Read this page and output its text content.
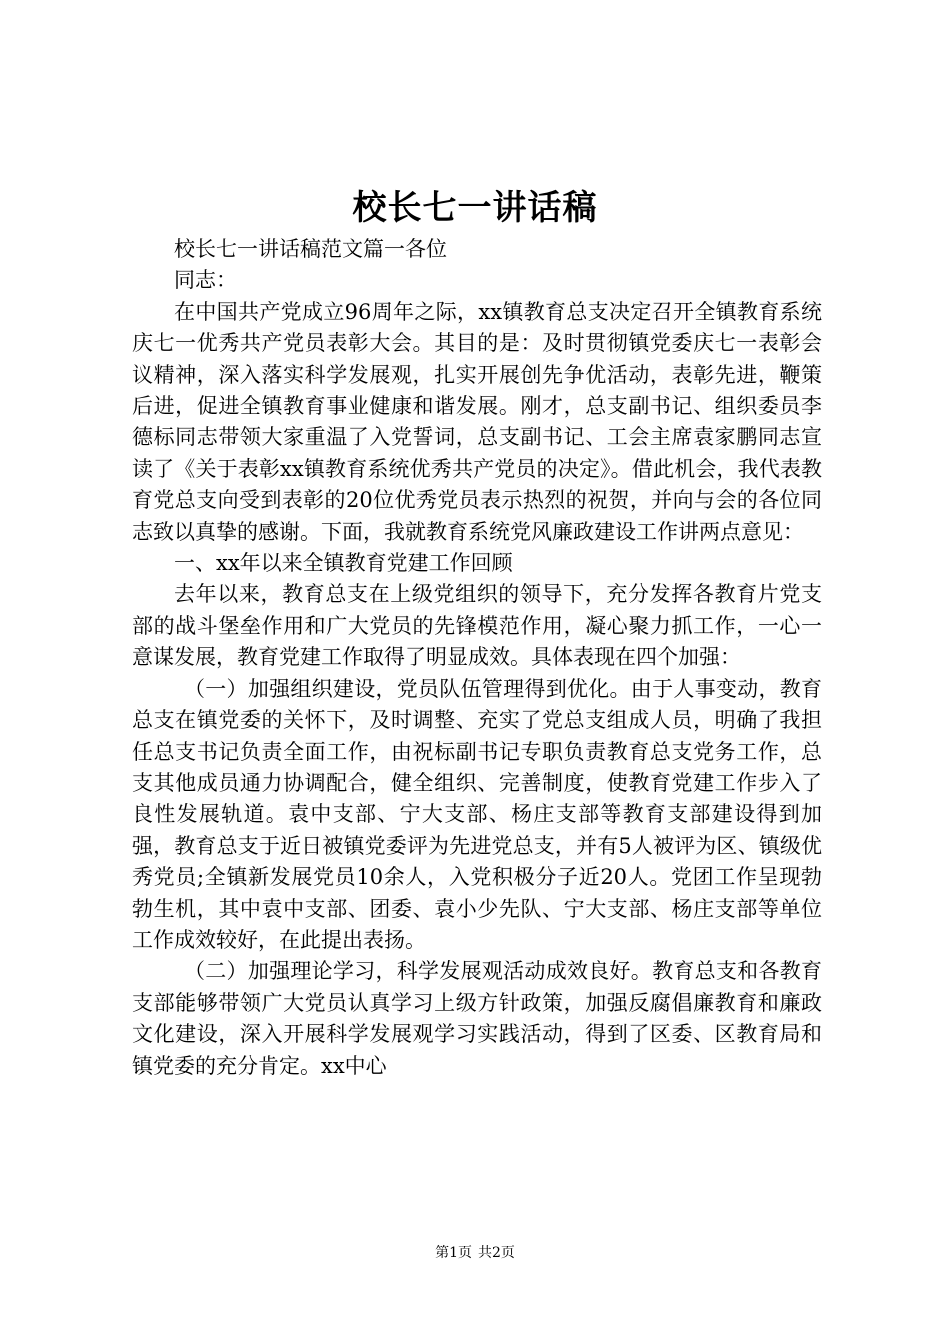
校长七一讲话稿

校长七一讲话稿范文篇一各位

同志：

在中国共产党成立96周年之际，xx镇教育总支决定召开全镇教育系统庆七一优秀共产党员表彰大会。其目的是：及时贯彻镇党委庆七一表彰会议精神，深入落实科学发展观，扎实开展创先争优活动，表彰先进，鞭策后进，促进全镇教育事业健康和谐发展。刚才，总支副书记、组织委员李德标同志带领大家重温了入党誓词，总支副书记、工会主席袁家鹏同志宣读了《关于表彰xx镇教育系统优秀共产党员的决定》。借此机会，我代表教育党总支向受到表彰的20位优秀党员表示热烈的祝贺，并向与会的各位同志致以真挚的感谢。下面，我就教育系统党风廉政建设工作讲两点意见：

一、xx年以来全镇教育党建工作回顾

去年以来，教育总支在上级党组织的领导下，充分发挥各教育片党支部的战斗堡垒作用和广大党员的先锋模范作用，凝心聚力抓工作，一心一意谋发展，教育党建工作取得了明显成效。具体表现在四个加强：

（一）加强组织建设，党员队伍管理得到优化。由于人事变动，教育总支在镇党委的关怀下，及时调整、充实了党总支组成人员，明确了我担任总支书记负责全面工作，由祝标副书记专职负责教育总支党务工作，总支其他成员通力协调配合，健全组织、完善制度，使教育党建工作步入了良性发展轨道。袁中支部、宁大支部、杨庄支部等教育支部建设得到加强，教育总支于近日被镇党委评为先进党总支，并有5人被评为区、镇级优秀党员;全镇新发展党员10余人，入党积极分子近20人。党团工作呈现勃勃生机，其中袁中支部、团委、袁小少先队、宁大支部、杨庄支部等单位工作成效较好，在此提出表扬。

（二）加强理论学习，科学发展观活动成效良好。教育总支和各教育支部能够带领广大党员认真学习上级方针政策，加强反腐倡廉教育和廉政文化建设，深入开展科学发展观学习实践活动，得到了区委、区教育局和镇党委的充分肯定。xx中心

第1页 共2页
